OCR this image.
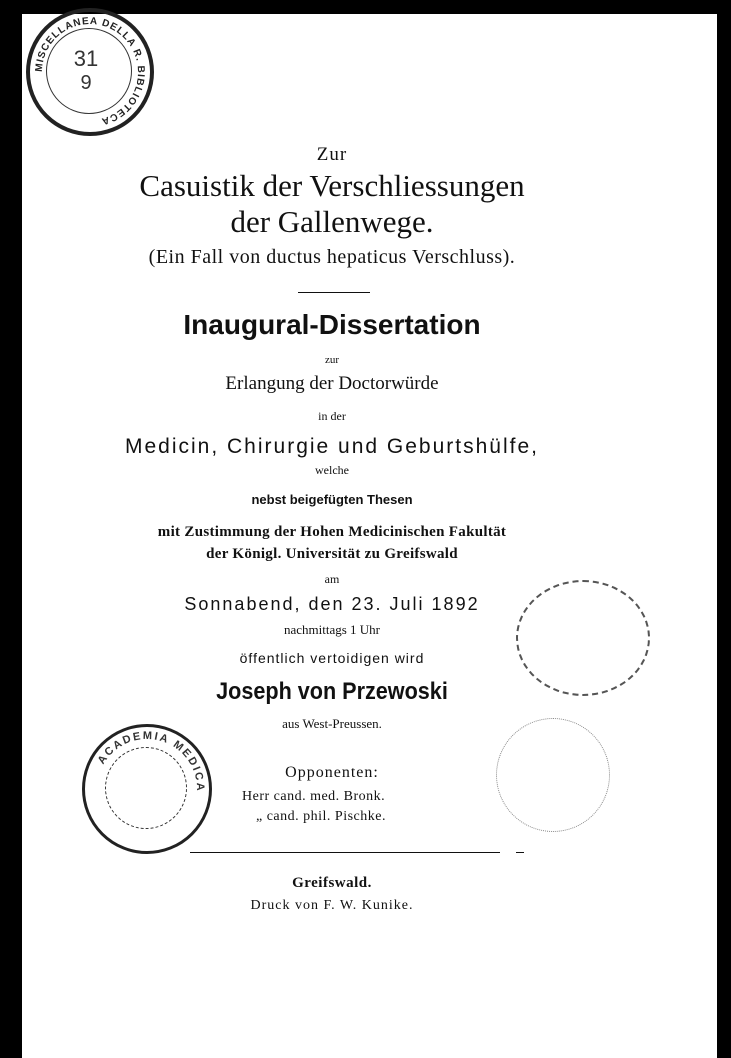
MISCELLANEA DELLA R. BIBLIOTECA
31
9
Zur
Casuistik der Verschliessungen
der Gallenwege.
(Ein Fall von ductus hepaticus Verschluss).
Inaugural-Dissertation
zur
Erlangung der Doctorwürde
in der
Medicin, Chirurgie und Geburtshülfe,
welche
nebst beigefügten Thesen
mit Zustimmung der Hohen Medicinischen Fakultät
der Königl. Universität zu Greifswald
am
Sonnabend, den 23. Juli 1892
nachmittags 1 Uhr
öffentlich vertoidigen wird
Joseph von Przewoski
aus West-Preussen.
Opponenten:
Herr cand. med. Bronk.
„ cand. phil. Pischke.
Greifswald.
Druck von F. W. Kunike.
ACADEMIA MEDICA
